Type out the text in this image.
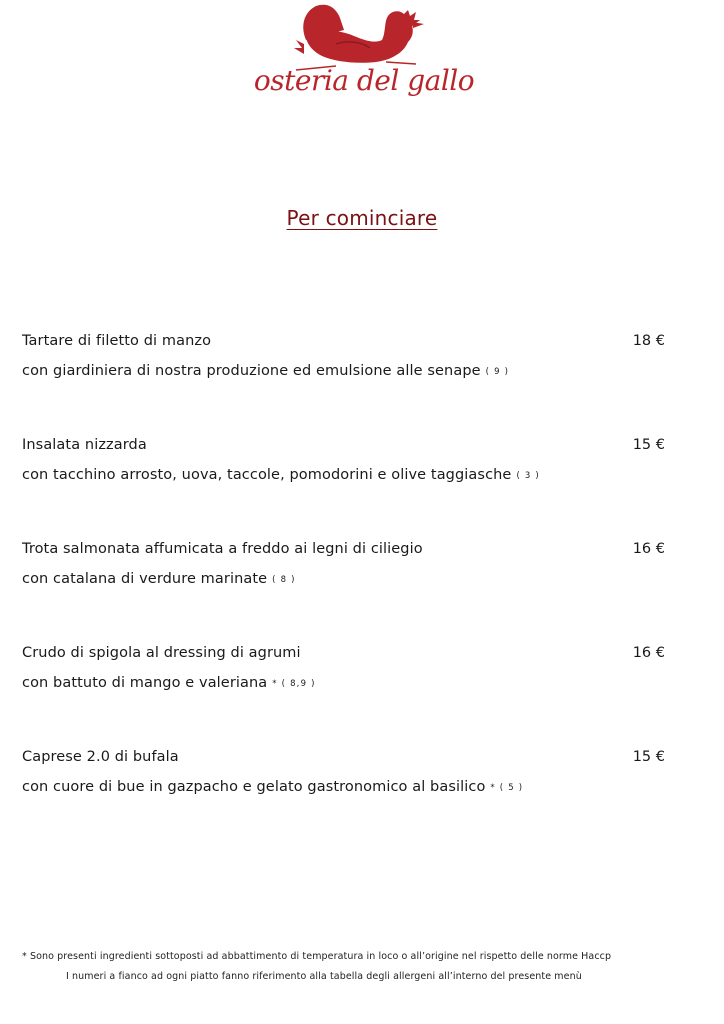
osteria del gallo
Per cominciare
Tartare di filetto di manzo	18 €
con giardiniera di nostra produzione ed emulsione alle senape ( 9 )
Insalata nizzarda	15 €
con tacchino arrosto, uova, taccole, pomodorini e olive taggiasche ( 3 )
Trota salmonata affumicata a freddo ai legni di ciliegio	16 €
con catalana di verdure marinate ( 8 )
Crudo di spigola al dressing di agrumi	16 €
con battuto di mango e valeriana * ( 8,9 )
Caprese 2.0 di bufala	15 €
con cuore di bue in gazpacho e gelato gastronomico al basilico * ( 5 )
* Sono presenti ingredienti sottoposti ad abbattimento di temperatura in loco o all’origine nel rispetto delle norme Haccp
I numeri a fianco ad ogni piatto fanno riferimento alla tabella degli allergeni all’interno del presente menù
